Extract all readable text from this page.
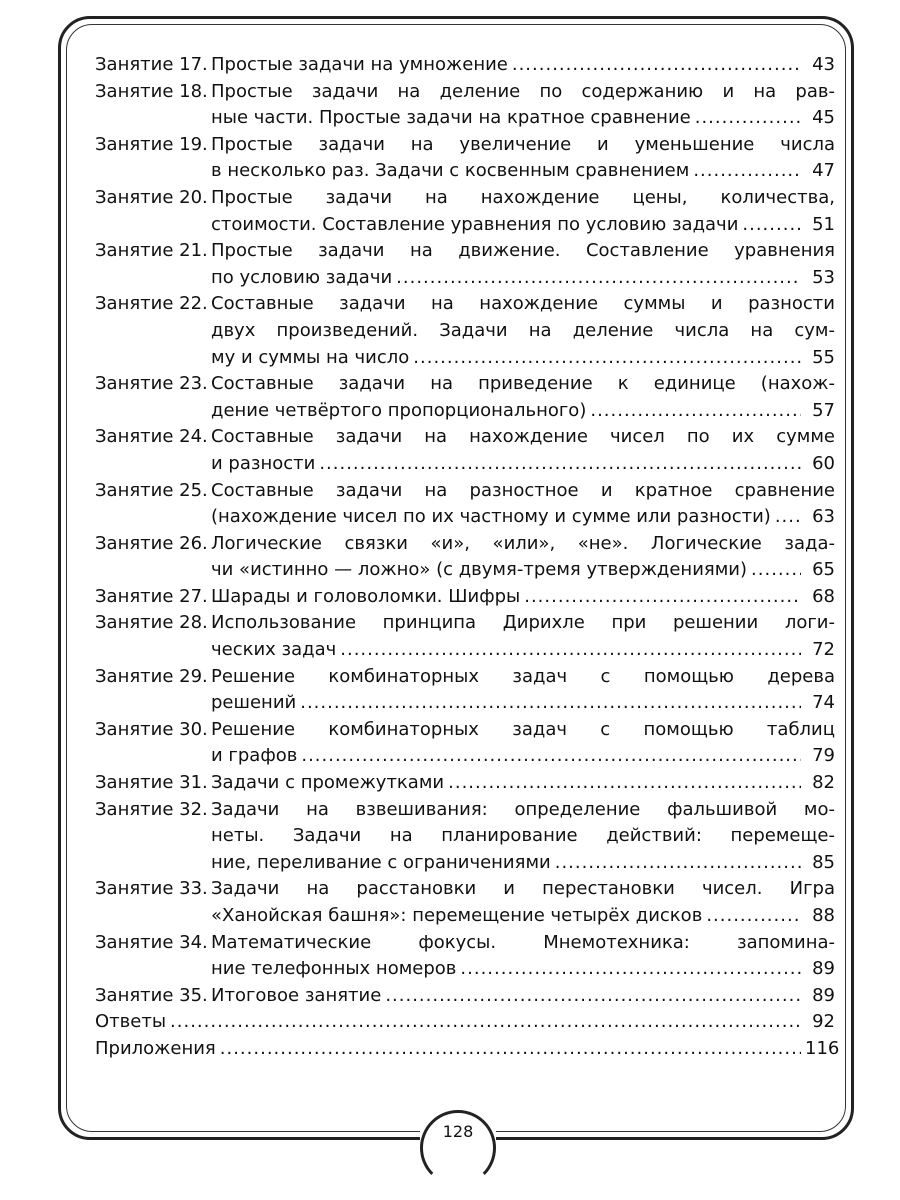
Занятие 17. Простые задачи на умножение .....	43
Занятие 18. Простые задачи на деление по содержанию и на рав-
ные части. Простые задачи на кратное сравнение .....	45
Занятие 19. Простые задачи на увеличение и уменьшение числа
в несколько раз. Задачи с косвенным сравнением .....	47
Занятие 20. Простые задачи на нахождение цены, количества,
стоимости. Составление уравнения по условию задачи .....	51
Занятие 21. Простые задачи на движение. Составление уравнения
по условию задачи .....	53
Занятие 22. Составные задачи на нахождение суммы и разности
двух произведений. Задачи на деление числа на сум-
му и суммы на число .....	55
Занятие 23. Составные задачи на приведение к единице (нахож-
дение четвёртого пропорционального) .....	57
Занятие 24. Составные задачи на нахождение чисел по их сумме
и разности .....	60
Занятие 25. Составные задачи на разностное и кратное сравнение
(нахождение чисел по их частному и сумме или разности) .....	63
Занятие 26. Логические связки «и», «или», «не». Логические зада-
чи «истинно — ложно» (с двумя-тремя утверждениями) .....	65
Занятие 27. Шарады и головоломки. Шифры .....	68
Занятие 28. Использование принципа Дирихле при решении логи-
ческих задач .....	72
Занятие 29. Решение комбинаторных задач с помощью дерева
решений .....	74
Занятие 30. Решение комбинаторных задач с помощью таблиц
и графов .....	79
Занятие 31. Задачи с промежутками .....	82
Занятие 32. Задачи на взвешивания: определение фальшивой мо-
неты. Задачи на планирование действий: перемеще-
ние, переливание с ограничениями .....	85
Занятие 33. Задачи на расстановки и перестановки чисел. Игра
«Ханойская башня»: перемещение четырёх дисков .....	88
Занятие 34. Математические фокусы. Мнемотехника: запомина-
ние телефонных номеров .....	89
Занятие 35. Итоговое занятие .....	89
Ответы .....	92
Приложения .....	116
128
